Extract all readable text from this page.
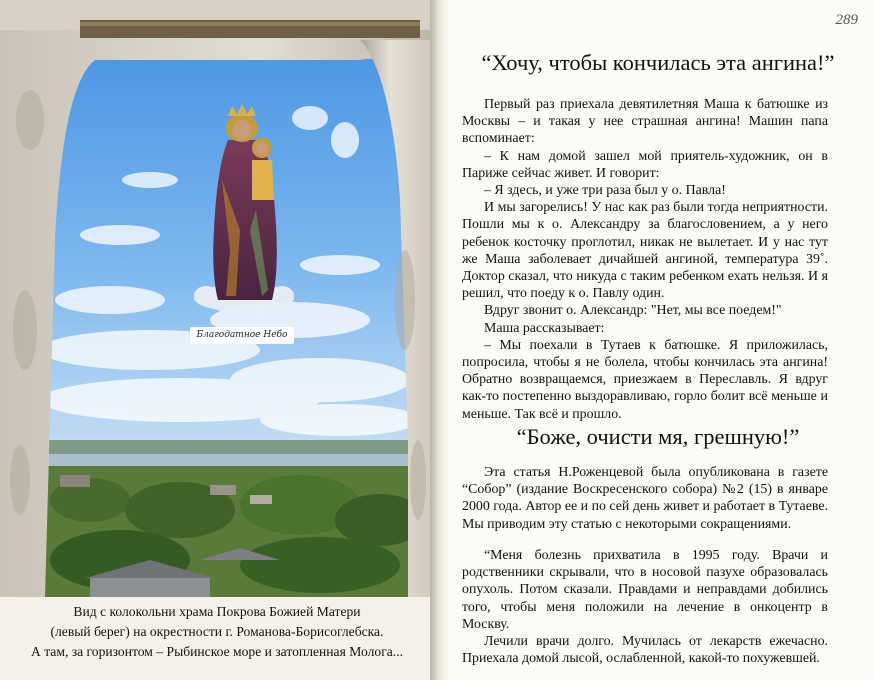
Благодатное Небо
Вид с колокольни храма Покрова Божией Матери
(левый берег) на окрестности г. Романова-Борисоглебска.
А там, за горизонтом – Рыбинское море и затопленная Молога...
289
“Хочу, чтобы кончилась эта ангина!”

Первый раз приехала девятилетняя Маша к батюшке из Москвы – и такая у нее страшная ангина! Машин папа вспоминает:

– К нам домой зашел мой приятель-художник, он в Париже сейчас живет. И говорит:

– Я здесь, и уже три раза был у о. Павла!

И мы загорелись! У нас как раз были тогда неприятности. Пошли мы к о. Александру за благословением, а у него ребенок косточку проглотил, никак не вылетает. И у нас тут же Маша заболевает дичайшей ангиной, температура 39˚. Доктор сказал, что никуда с таким ребенком ехать нельзя. И я решил, что поеду к о. Павлу один.

Вдруг звонит о. Александр: "Нет, мы все поедем!"

Маша рассказывает:

– Мы поехали в Тутаев к батюшке. Я приложилась, попросила, чтобы я не болела, чтобы кончилась эта ангина! Обратно возвращаемся, приезжаем в Переславль. Я вдруг как-то постепенно выздоравливаю, горло болит всё меньше и меньше. Так всё и прошло.

“Боже, очисти мя, грешную!”

Эта статья Н.Роженцевой была опубликована в газете “Собор” (издание Воскресенского собора) №2 (15) в январе 2000 года. Автор ее и по сей день живет и работает в Тутаеве. Мы приводим эту статью с некоторыми сокращениями.

“Меня болезнь прихватила в 1995 году. Врачи и родственники скрывали, что в носовой пазухе образовалась опухоль. Потом сказали. Правдами и неправдами добились того, чтобы меня положили на лечение в онкоцентр в Москву.

Лечили врачи долго. Мучилась от лекарств ежечасно. Приехала домой лысой, ослабленной, какой-то похужевшей.
